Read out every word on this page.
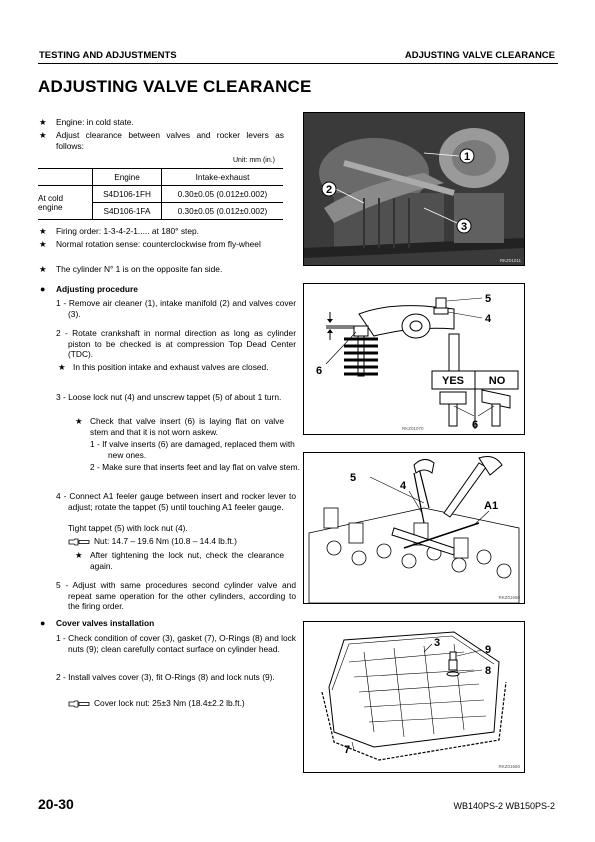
TESTING AND ADJUSTMENTS	ADJUSTING VALVE CLEARANCE
ADJUSTING VALVE CLEARANCE
★ Engine: in cold state.
★ Adjust clearance between valves and rocker levers as follows:
Unit: mm (in.)
	Engine	Intake-exhaust
At cold engine	S4D106-1FH	0.30±0.05 (0.012±0.002)
	S4D106-1FA	0.30±0.05 (0.012±0.002)
★ Firing order: 1-3-4-2-1..... at 180° step.
★ Normal rotation sense: counterclockwise from fly-wheel
★ The cylinder N° 1 is on the opposite fan side.
● Adjusting procedure
1 - Remove air cleaner (1), intake manifold (2) and valves cover (3).
2 - Rotate crankshaft in normal direction as long as cylinder piston to be checked is at compression Top Dead Center (TDC).
★ In this position intake and exhaust valves are closed.
3 - Loose lock nut (4) and unscrew tappet (5) of about 1 turn.
★ Check that valve insert (6) is laying flat on valve stem and that it is not worn askew.
1 - If valve inserts (6) are damaged, replaced them with new ones.
2 - Make sure that inserts feet and lay flat on valve stem.
4 - Connect A1 feeler gauge between insert and rocker lever to adjust; rotate the tappet (5) until touching A1 feeler gauge.
Tight tappet (5) with lock nut (4).
Nut: 14.7 – 19.6 Nm (10.8 – 14.4 lb.ft.)
★ After tightening the lock nut, check the clearance again.
5 - Adjust with same procedures second cylinder valve and repeat same operation for the other cylinders, according to the firing order.
● Cover valves installation
1 - Check condition of cover (3), gasket (7), O-Rings (8) and lock nuts (9); clean carefully contact surface on cylinder head.
2 - Install valves cover (3), fit O-Rings (8) and lock nuts (9).
Cover lock nut: 25±3 Nm (18.4±2.2 lb.ft.)
1
2
3
RKZ01011
5
4
6
YES NO
6
RKZ01070
5
4
A1
RKZ01650
3
9
8
7
RKZ01660
20-30	WB140PS-2 WB150PS-2
